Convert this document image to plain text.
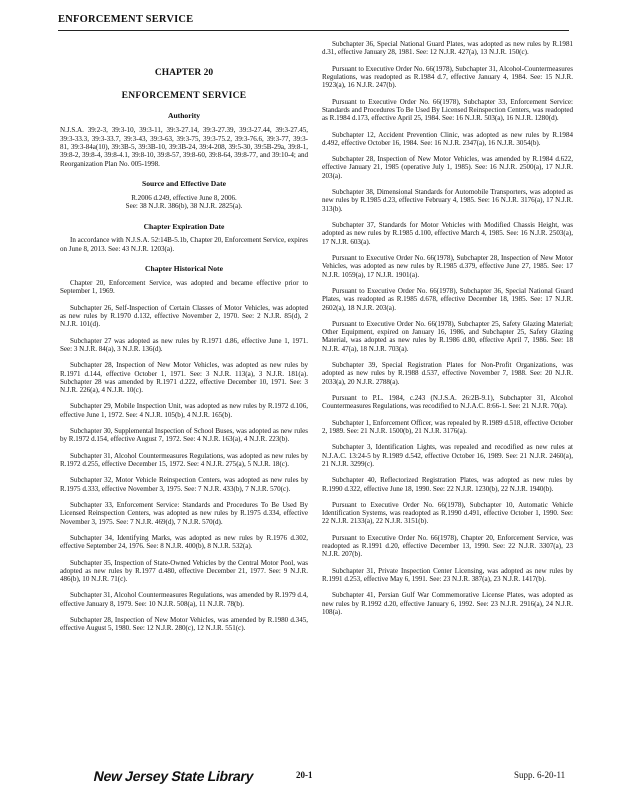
ENFORCEMENT SERVICE
CHAPTER 20
ENFORCEMENT SERVICE
Authority

N.J.S.A. 39:2-3, 39:3-10, 39:3-11, 39:3-27.14, 39:3-27.39, 39:3-27.44, 39:3-27.45, 39:3-33.3, 39:3-33.7, 39:3-43, 39:3-63, 39:3-75, 39:3-75.2, 39:3-76.6, 39:3-77, 39:3-81, 39:3-84a(10), 39:3B-5, 39:3B-10, 39:3B-24, 39:4-208, 39:5-30, 39:5B-29a, 39:8-1, 39:8-2, 39:8-4, 39:8-4.1, 39:8-10, 39:8-57, 39:8-60, 39:8-64, 39:8-77, and 39:10-4; and Reorganization Plan No. 005-1998.

Source and Effective Date

R.2006 d.249, effective June 8, 2006.

See: 38 N.J.R. 386(b), 38 N.J.R. 2825(a).

Chapter Expiration Date

In accordance with N.J.S.A. 52:14B-5.1b, Chapter 20, Enforcement Service, expires on June 8, 2013. See: 43 N.J.R. 1203(a).

Chapter Historical Note

Chapter 20, Enforcement Service, was adopted and became effective prior to September 1, 1969.

Subchapter 26, Self-Inspection of Certain Classes of Motor Vehicles, was adopted as new rules by R.1970 d.132, effective November 2, 1970. See: 2 N.J.R. 85(d), 2 N.J.R. 101(d).

Subchapter 27 was adopted as new rules by R.1971 d.86, effective June 1, 1971. See: 3 N.J.R. 84(a), 3 N.J.R. 136(d).

Subchapter 28, Inspection of New Motor Vehicles, was adopted as new rules by R.1971 d.144, effective October 1, 1971. See: 3 N.J.R. 113(a), 3 N.J.R. 181(a). Subchapter 28 was amended by R.1971 d.222, effective December 10, 1971. See: 3 N.J.R. 226(a), 4 N.J.R. 10(c).

Subchapter 29, Mobile Inspection Unit, was adopted as new rules by R.1972 d.106, effective June 1, 1972. See: 4 N.J.R. 105(b), 4 N.J.R. 165(b).

Subchapter 30, Supplemental Inspection of School Buses, was adopted as new rules by R.1972 d.154, effective August 7, 1972. See: 4 N.J.R. 163(a), 4 N.J.R. 223(b).

Subchapter 31, Alcohol Countermeasures Regulations, was adopted as new rules by R.1972 d.255, effective December 15, 1972. See: 4 N.J.R. 275(a), 5 N.J.R. 18(c).

Subchapter 32, Motor Vehicle Reinspection Centers, was adopted as new rules by R.1975 d.333, effective November 3, 1975. See: 7 N.J.R. 433(b), 7 N.J.R. 570(c).

Subchapter 33, Enforcement Service: Standards and Procedures To Be Used By Licensed Reinspection Centers, was adopted as new rules by R.1975 d.334, effective November 3, 1975. See: 7 N.J.R. 469(d), 7 N.J.R. 570(d).

Subchapter 34, Identifying Marks, was adopted as new rules by R.1976 d.302, effective September 24, 1976. See: 8 N.J.R. 400(b), 8 N.J.R. 532(a).

Subchapter 35, Inspection of State-Owned Vehicles by the Central Motor Pool, was adopted as new rules by R.1977 d.480, effective December 21, 1977. See: 9 N.J.R. 486(b), 10 N.J.R. 71(c).

Subchapter 31, Alcohol Countermeasures Regulations, was amended by R.1979 d.4, effective January 8, 1979. See: 10 N.J.R. 508(a), 11 N.J.R. 78(b).

Subchapter 28, Inspection of New Motor Vehicles, was amended by R.1980 d.345, effective August 5, 1980. See: 12 N.J.R. 280(c), 12 N.J.R. 551(c).

Subchapter 36, Special National Guard Plates, was adopted as new rules by R.1981 d.31, effective January 28, 1981. See: 12 N.J.R. 427(a), 13 N.J.R. 150(c).

Pursuant to Executive Order No. 66(1978), Subchapter 31, Alcohol-Countermeasures Regulations, was readopted as R.1984 d.7, effective January 4, 1984. See: 15 N.J.R. 1923(a), 16 N.J.R. 247(b).

Pursuant to Executive Order No. 66(1978), Subchapter 33, Enforcement Service: Standards and Procedures To Be Used By Licensed Reinspection Centers, was readopted as R.1984 d.173, effective April 25, 1984. See: 16 N.J.R. 503(a), 16 N.J.R. 1280(d).

Subchapter 12, Accident Prevention Clinic, was adopted as new rules by R.1984 d.492, effective October 16, 1984. See: 16 N.J.R. 2347(a), 16 N.J.R. 3054(b).

Subchapter 28, Inspection of New Motor Vehicles, was amended by R.1984 d.622, effective January 21, 1985 (operative July 1, 1985). See: 16 N.J.R. 2500(a), 17 N.J.R. 203(a).

Subchapter 38, Dimensional Standards for Automobile Transporters, was adopted as new rules by R.1985 d.23, effective February 4, 1985. See: 16 N.J.R. 3176(a), 17 N.J.R. 313(b).

Subchapter 37, Standards for Motor Vehicles with Modified Chassis Height, was adopted as new rules by R.1985 d.100, effective March 4, 1985. See: 16 N.J.R. 2503(a), 17 N.J.R. 603(a).

Pursuant to Executive Order No. 66(1978), Subchapter 28, Inspection of New Motor Vehicles, was adopted as new rules by R.1985 d.379, effective June 27, 1985. See: 17 N.J.R. 1059(a), 17 N.J.R. 1901(a).

Pursuant to Executive Order No. 66(1978), Subchapter 36, Special National Guard Plates, was readopted as R.1985 d.678, effective December 18, 1985. See: 17 N.J.R. 2602(a), 18 N.J.R. 203(a).

Pursuant to Executive Order No. 66(1978), Subchapter 25, Safety Glazing Material; Other Equipment, expired on January 16, 1986, and Subchapter 25, Safety Glazing Material, was adopted as new rules by R.1986 d.80, effective April 7, 1986. See: 18 N.J.R. 47(a), 18 N.J.R. 703(a).

Subchapter 39, Special Registration Plates for Non-Profit Organizations, was adopted as new rules by R.1988 d.537, effective November 7, 1988. See: 20 N.J.R. 2033(a), 20 N.J.R. 2788(a).

Pursuant to P.L. 1984, c.243 (N.J.S.A. 26:2B-9.1), Subchapter 31, Alcohol Countermeasures Regulations, was recodified to N.J.A.C. 8:66-1. See: 21 N.J.R. 70(a).

Subchapter 1, Enforcement Officer, was repealed by R.1989 d.518, effective October 2, 1989. See: 21 N.J.R. 1500(b), 21 N.J.R. 3176(a).

Subchapter 3, Identification Lights, was repealed and recodified as new rules at N.J.A.C. 13:24-5 by R.1989 d.542, effective October 16, 1989. See: 21 N.J.R. 2460(a), 21 N.J.R. 3299(c).

Subchapter 40, Reflectorized Registration Plates, was adopted as new rules by R.1990 d.322, effective June 18, 1990. See: 22 N.J.R. 1230(b), 22 N.J.R. 1940(b).

Pursuant to Executive Order No. 66(1978), Subchapter 10, Automatic Vehicle Identification Systems, was readopted as R.1990 d.491, effective October 1, 1990. See: 22 N.J.R. 2133(a), 22 N.J.R. 3151(b).

Pursuant to Executive Order No. 66(1978), Chapter 20, Enforcement Service, was readopted as R.1991 d.20, effective December 13, 1990. See: 22 N.J.R. 3307(a), 23 N.J.R. 207(b).

Subchapter 31, Private Inspection Center Licensing, was adopted as new rules by R.1991 d.253, effective May 6, 1991. See: 23 N.J.R. 387(a), 23 N.J.R. 1417(b).

Subchapter 41, Persian Gulf War Commemorative License Plates, was adopted as new rules by R.1992 d.20, effective January 6, 1992. See: 23 N.J.R. 2916(a), 24 N.J.R. 108(a).

New Jersey State Library	20-1	Supp. 6-20-11
